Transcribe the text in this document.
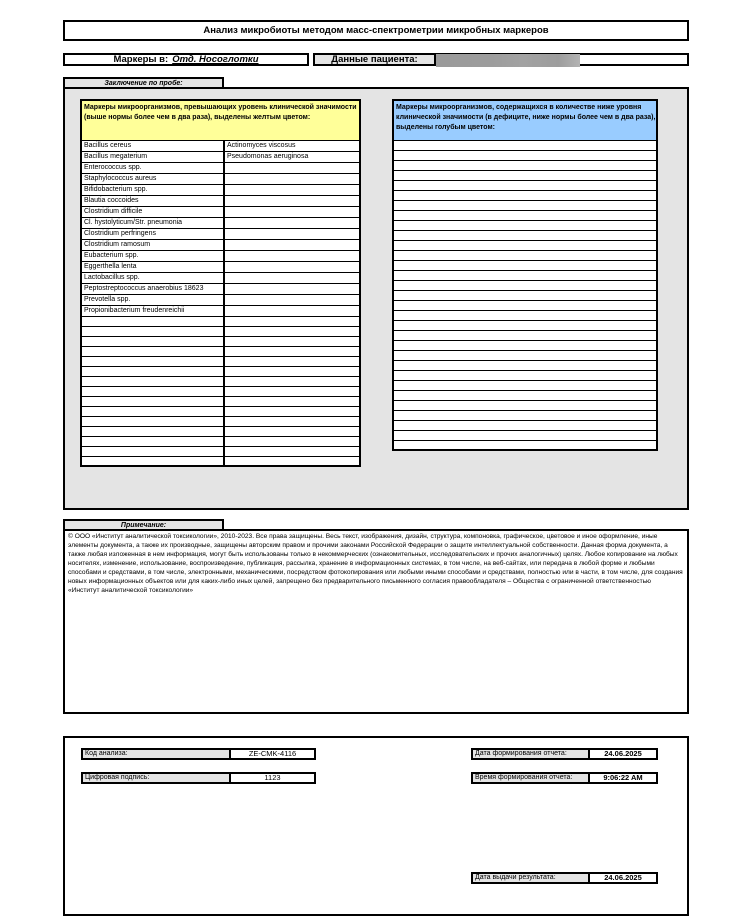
Анализ микробиоты методом масс-спектрометрии микробных маркеров
Маркеры в: Отд. Носоглотки	Данные пациента:
Заключение по пробе:
Маркеры микроорганизмов, превышающих уровень клинической значимости (выше нормы более чем в два раза), выделены желтым цветом:	
Bacillus cereus	Actinomyces viscosus
Bacillus megaterium	Pseudomonas aeruginosa
Enterococcus spp.	
Staphylococcus aureus	
Bifidobacterium spp.	
Blautia coccoides	
Clostridium difficile	
Cl. hystolyticum/Str. pneumonia	
Clostridium perfringens	
Clostridium ramosum	
Eubacterium spp.	
Eggerthella lenta	
Lactobacillus spp.	
Peptostreptococcus anaerobius 18623	
Prevotella spp.	
Propionibacterium freudenreichii	

Маркеры микроорганизмов, содержащихся в количестве ниже уровня клинической значимости (в дефиците, ниже нормы более чем в два раза), выделены голубым цветом:

Примечание:
© ООО «Институт аналитической токсикологии», 2010-2023. Все права защищены. Весь текст, изображения, дизайн, структура, компоновка, графическое, цветовое и иное оформление, иные элементы документа, а также их производные, защищены авторским правом и прочими законами Российской Федерации о защите интеллектуальной собственности. Данная форма документа, а также любая изложенная в нем информация, могут быть использованы только в некоммерческих (ознакомительных, исследовательских и прочих аналогичных) целях. Любое копирование на любых носителях, изменение, использование, воспроизведение, публикация, рассылка, хранение в информационных системах, в том числе, на веб-сайтах, или передача в любой форме и любыми способами и средствами, в том числе, электронными, механическими, посредством фотокопирования или любыми иными способами и средствами, полностью или в части, в том числе, для создания новых информационных объектов или для каких-либо иных целей, запрещено без предварительного письменного согласия правообладателя – Общества с ограниченной ответственностью «Институт аналитической токсикологии»
Код анализа:	ZE-CMK-4116
Цифровая подпись:	1123
Дата формирования отчета:	24.06.2025
Время формирования отчета:	9:06:22 AM
Дата выдачи результата:	24.06.2025
